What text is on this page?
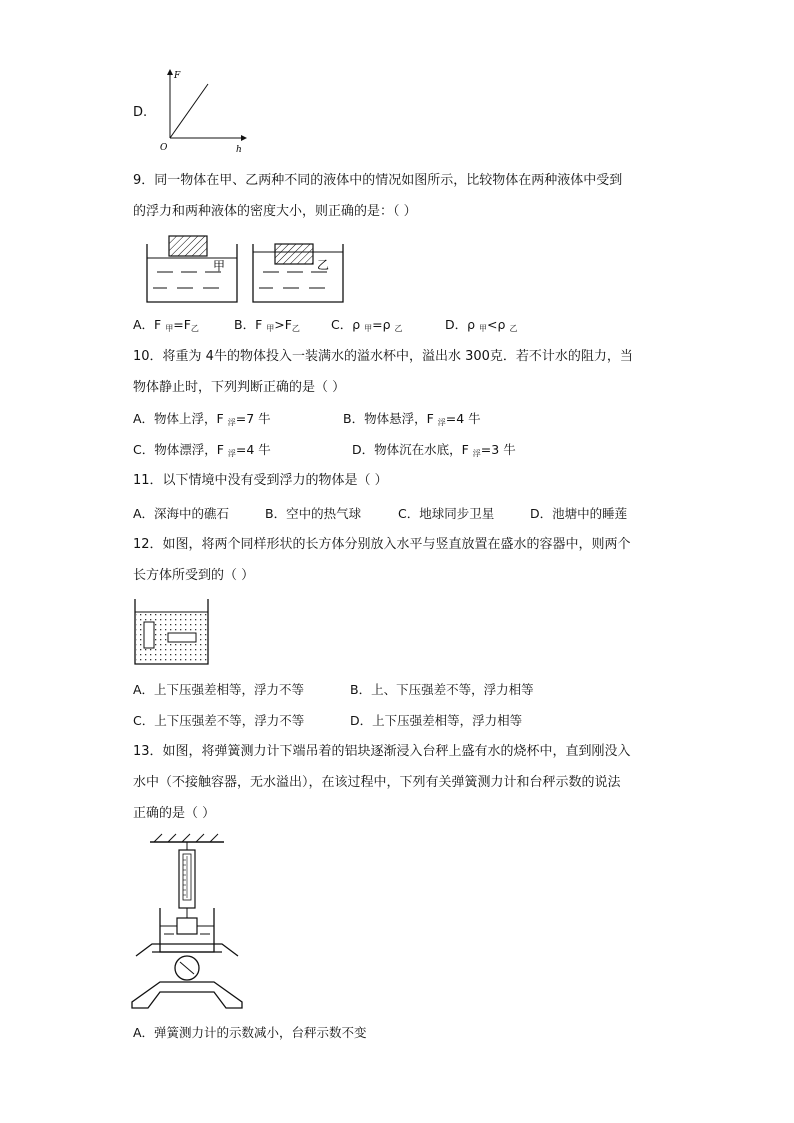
D.
F
h
O
9．同一物体在甲、乙两种不同的液体中的情况如图所示，比较物体在两种液体中受到
的浮力和两种液体的密度大小，则正确的是：（ ）
甲	乙
A．F $_甲=F_乙$	B．F $_甲>F_乙$ C．ρ $_甲$=ρ $_乙$	D．ρ $_甲$<ρ $_乙$
10．将重为 4牛的物体投入一装满水的溢水杯中，溢出水 300克．若不计水的阻力，当
物体静止时，下列判断正确的是（ ）
A．物体上浮，F $_浮$=7 牛	B．物体悬浮，F $_浮$=4 牛
C．物体漂浮，F $_浮$=4 牛	D．物体沉在水底，F $_浮$=3 牛
11．以下情境中没有受到浮力的物体是（ ）
A．深海中的礁石	B．空中的热气球	C．地球同步卫星	D．池塘中的睡莲
12．如图，将两个同样形状的长方体分别放入水平与竖直放置在盛水的容器中，则两个
长方体所受到的（ ）
A．上下压强差相等，浮力不等	B．上、下压强差不等，浮力相等
C．上下压强差不等，浮力不等	D．上下压强差相等，浮力相等
13．如图，将弹簧测力计下端吊着的铝块逐渐浸入台秤上盛有水的烧杯中，直到刚没入
水中（不接触容器，无水溢出），在该过程中，下列有关弹簧测力计和台秤示数的说法
正确的是（ ）
A．弹簧测力计的示数减小，台秤示数不变
